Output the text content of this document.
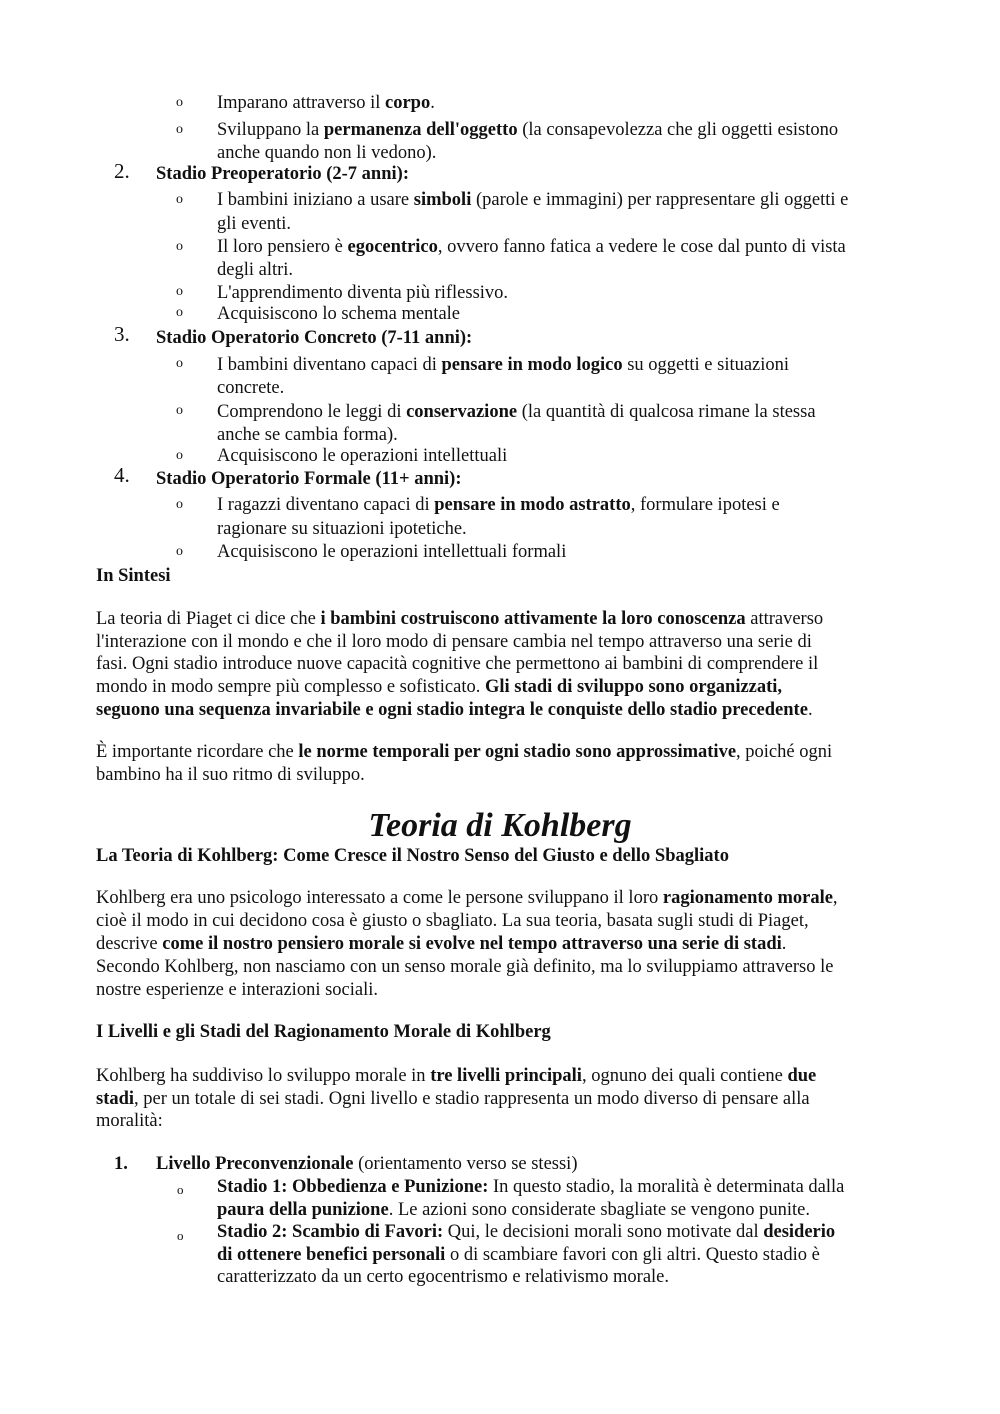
o Imparano attraverso il corpo.
o Sviluppano la permanenza dell'oggetto (la consapevolezza che gli oggetti esistono
anche quando non li vedono).
2. Stadio Preoperatorio (2-7 anni):
o I bambini iniziano a usare simboli (parole e immagini) per rappresentare gli oggetti e
gli eventi.
o Il loro pensiero è egocentrico, ovvero fanno fatica a vedere le cose dal punto di vista
degli altri.
o L'apprendimento diventa più riflessivo.
o Acquisiscono lo schema mentale
3. Stadio Operatorio Concreto (7-11 anni):
o I bambini diventano capaci di pensare in modo logico su oggetti e situazioni
concrete.
o Comprendono le leggi di conservazione (la quantità di qualcosa rimane la stessa
anche se cambia forma).
o Acquisiscono le operazioni intellettuali
4. Stadio Operatorio Formale (11+ anni):
o I ragazzi diventano capaci di pensare in modo astratto, formulare ipotesi e
ragionare su situazioni ipotetiche.
o Acquisiscono le operazioni intellettuali formali
In Sintesi
La teoria di Piaget ci dice che i bambini costruiscono attivamente la loro conoscenza attraverso
l'interazione con il mondo e che il loro modo di pensare cambia nel tempo attraverso una serie di
fasi. Ogni stadio introduce nuove capacità cognitive che permettono ai bambini di comprendere il
mondo in modo sempre più complesso e sofisticato. Gli stadi di sviluppo sono organizzati,
seguono una sequenza invariabile e ogni stadio integra le conquiste dello stadio precedente.
È importante ricordare che le norme temporali per ogni stadio sono approssimative, poiché ogni
bambino ha il suo ritmo di sviluppo.
Teoria di Kohlberg
La Teoria di Kohlberg: Come Cresce il Nostro Senso del Giusto e dello Sbagliato
Kohlberg era uno psicologo interessato a come le persone sviluppano il loro ragionamento morale,
cioè il modo in cui decidono cosa è giusto o sbagliato. La sua teoria, basata sugli studi di Piaget,
descrive come il nostro pensiero morale si evolve nel tempo attraverso una serie di stadi.
Secondo Kohlberg, non nasciamo con un senso morale già definito, ma lo sviluppiamo attraverso le
nostre esperienze e interazioni sociali.
I Livelli e gli Stadi del Ragionamento Morale di Kohlberg
Kohlberg ha suddiviso lo sviluppo morale in tre livelli principali, ognuno dei quali contiene due
stadi, per un totale di sei stadi. Ogni livello e stadio rappresenta un modo diverso di pensare alla
moralità:
1. Livello Preconvenzionale (orientamento verso se stessi)
o Stadio 1: Obbedienza e Punizione: In questo stadio, la moralità è determinata dalla
paura della punizione. Le azioni sono considerate sbagliate se vengono punite.
o Stadio 2: Scambio di Favori: Qui, le decisioni morali sono motivate dal desiderio
di ottenere benefici personali o di scambiare favori con gli altri. Questo stadio è
caratterizzato da un certo egocentrismo e relativismo morale.
